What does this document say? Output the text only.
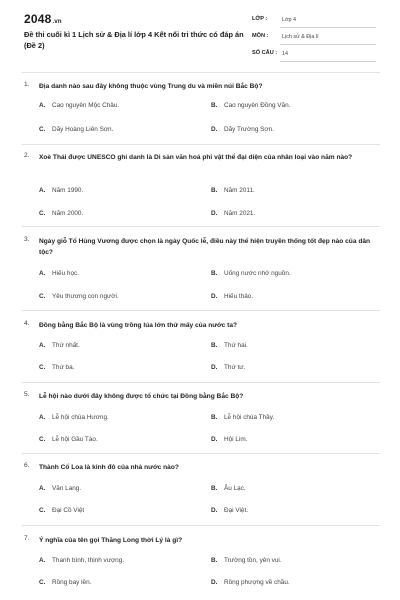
2048.vn
Đề thi cuối kì 1 Lịch sử & Địa lí lớp 4 Kết nối tri thức có đáp án (Đề 2)
LỚP :	Lớp 4
MÔN :	Lịch sử & Địa lí
SỐ CÂU : 14
1. Địa danh nào sau đây không thuộc vùng Trung du và miền núi Bắc Bộ?
A. Cao nguyên Mộc Châu.	B. Cao nguyên Đồng Văn.
C. Dãy Hoàng Liên Sơn.	D. Dãy Trường Sơn.
2. Xoè Thái được UNESCO ghi danh là Di sản văn hoá phi vật thể đại diện của nhân loại vào năm nào?
A. Năm 1990.	B. Năm 2011.
C. Năm 2000.	D. Năm 2021.
3. Ngày giỗ Tổ Hùng Vương được chọn là ngày Quốc lễ, điều này thể hiện truyền thống tốt đẹp nào của dân tộc?
A. Hiếu học.	B. Uống nước nhớ nguồn.
C. Yêu thương con người.	D. Hiếu thảo.
4. Đồng bằng Bắc Bộ là vùng trồng lúa lớn thứ mấy của nước ta?
A. Thứ nhất.	B. Thứ hai.
C. Thứ ba.	D. Thứ tư.
5. Lễ hội nào dưới đây không được tổ chức tại Đồng bằng Bắc Bộ?
A. Lễ hội chùa Hương.	B. Lễ hội chùa Thầy.
C. Lễ hội Gầu Tào.	D. Hội Lim.
6. Thành Cổ Loa là kinh đô của nhà nước nào?
A. Văn Lang.	B. Âu Lạc.
C. Đại Cồ Việt	D. Đại Việt.
7. Ý nghĩa của tên gọi Thăng Long thời Lý là gì?
A. Thanh bình, thịnh vượng.	B. Trường tồn, yên vui.
C. Rồng bay lên.	D. Rồng phượng về chầu.
